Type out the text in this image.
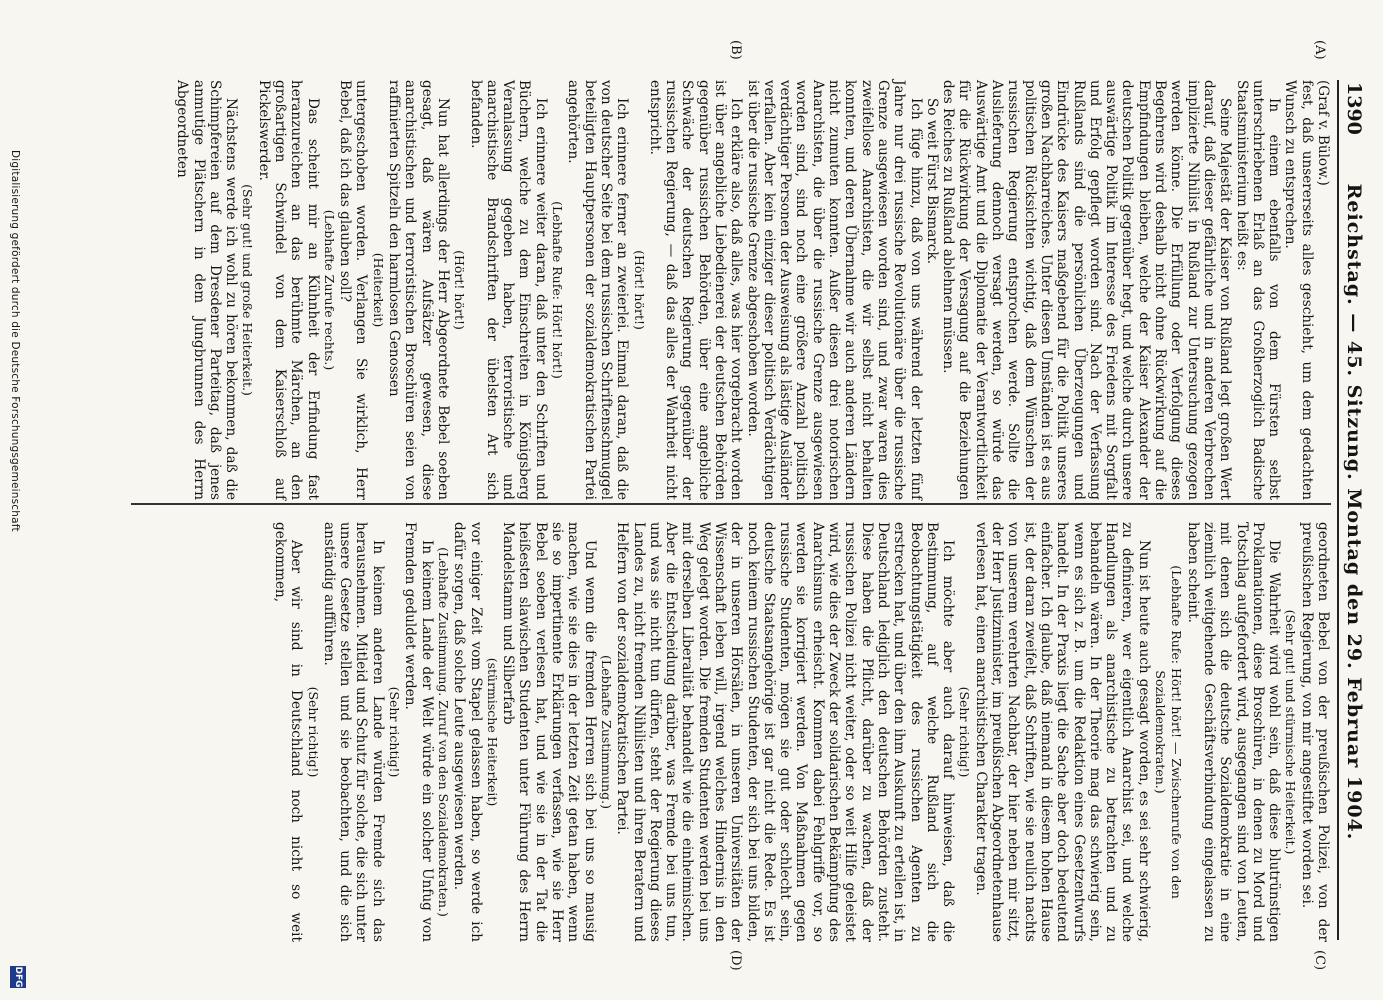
1390
Reichstag. — 45. Sitzung. Montag den 29. Februar 1904.
(A)
(B)
(C)
(D)

(Graf v. Bülow.)

fest, daß unsererseits alles geschieht, um dem gedachten Wunsch zu entsprechen.

In einem ebenfalls von dem Fürsten selbst unterschriebenen Erlaß an das Großherzoglich Badische Staatsministerium heißt es:

Seine Majestät der Kaiser von Rußland legt großen Wert darauf, daß dieser gefährliche und in anderen Verbrechen implizierte Nihilist in Rußland zur Untersuchung gezogen werden könne. Die Erfüllung oder Verfolgung dieses Begehrens wird deshalb nicht ohne Rückwirkung auf die Empfindungen bleiben, welche der Kaiser Alexander der deutschen Politik gegenüber hegt, und welche durch unsere auswärtige Politik im Interesse des Friedens mit Sorgfalt und Erfolg gepflegt worden sind. Nach der Verfassung Rußlands sind die persönlichen Überzeugungen und Eindrücke des Kaisers maßgebend für die Politik unseres großen Nachbarreiches. Unter diesen Umständen ist es aus politischen Rücksichten wichtig, daß dem Wünschen der russischen Regierung entsprochen werde. Sollte die Auslieferung dennoch versagt werden, so würde das Auswärtige Amt und die Diplomatie der Verantwortlichkeit für die Rückwirkung der Versagung auf die Beziehungen des Reiches zu Rußland ablehnen müssen.

So weit Fürst Bismarck.

Ich füge hinzu, daß von uns während der letzten fünf Jahre nur drei russische Revolutionäre über die russische Grenze ausgewiesen worden sind, und zwar waren dies zweifellose Anarchisten, die wir selbst nicht behalten konnten, und deren Übernahme wir auch anderen Ländern nicht zumuten konnten. Außer diesen drei notorischen Anarchisten, die über die russische Grenze ausgewiesen worden sind, sind noch eine größere Anzahl politisch verdächtiger Personen der Ausweisung als lästige Ausländer verfallen. Aber kein einziger dieser politisch Verdächtigen ist über die russische Grenze abgeschoben worden.

Ich erkläre also, daß alles, was hier vorgebracht worden ist über angebliche Liebedienerei der deutschen Behörden gegenüber russischen Behörden, über eine angebliche Schwäche der deutschen Regierung gegenüber der russischen Regierung, — daß das alles der Wahrheit nicht entspricht.

(Hört! hört!)

Ich erinnere ferner an zweierlei. Einmal daran, daß die von deutscher Seite bei dem russischen Schriftenschmuggel beteiligten Hauptpersonen der sozialdemokratischen Partei angehörten.

(Lebhafte Rufe: Hört! hört!)

Ich erinnere weiter daran, daß unter den Schriften und Büchern, welche zu dem Einschreiten in Königsberg Veranlassung gegeben haben, terroristische und anarchistische Brandschriften der übelsten Art sich befanden.

(Hört! hört!)

Nun hat allerdings der Herr Abgeordnete Bebel soeben gesagt, daß wären Aufsätzer gewesen, diese anarchistischen und terroristischen Broschüren seien von raffinierten Spitzeln den harmlosen Genossen

(Heiterkeit)

untergeschoben worden. Verlangen Sie wirklich, Herr Bebel, daß ich das glauben soll?

(Lebhafte Zurufe rechts.)

Das scheint mir an Kühnheit der Erfindung fast heranzureichen an das berühmte Märchen, an den großartigen Schwindel von dem Kaiserschloß auf Pickelswerder.

(Sehr gut! und große Heiterkeit.)

Nächstens werde ich wohl zu hören bekommen, daß die Schimpfereien auf dem Dresdener Parteitag, daß jenes anmutige Plätschern in dem Jungbrunnen des Herrn Abgeordneten

geordneten Bebel von der preußischen Polizei, von der preußischen Regierung, von mir angestiftet worden sei.

(Sehr gut! und stürmische Heiterkeit.)

Die Wahrheit wird wohl sein, daß diese blutrünstigen Proklamationen, diese Broschüren, in denen zu Mord und Totschlag aufgefordert wird, ausgegangen sind von Leuten, mit denen sich die deutsche Sozialdemokratie in eine ziemlich weitgehende Geschäftsverbindung eingelassen zu haben scheint.

(Lebhafte Rufe: Hört! hört! — Zwischenrufe von den Sozialdemokraten.)

Nun ist heute auch gesagt worden, es sei sehr schwierig, zu definieren, wer eigentlich Anarchist sei, und welche Handlungen als anarchistische zu betrachten und zu behandeln wären. In der Theorie mag das schwierig sein, wenn es sich z. B. um die Redaktion eines Gesetzentwurfs handelt. In der Praxis liegt die Sache aber doch bedeutend einfacher. Ich glaube, daß niemand in diesem hohen Hause ist, der daran zweifelt, daß Schriften, wie sie neulich nachts von unserem verehrten Nachbar, der hier neben mir sitzt, der Herr Justizminister, im preußischen Abgeordnetenhause verlesen hat, einen anarchistischen Charakter tragen.

(Sehr richtig!)

Ich möchte aber auch darauf hinweisen, daß die Bestimmung, auf welche Rußland sich die Beobachtungstätigkeit des russischen Agenten zu erstrecken hat, und über den ihm Auskunft zu erteilen ist, in Deutschland lediglich den deutschen Behörden zusteht. Diese haben die Pflicht, darüber zu wachen, daß der russischen Polizei nicht weiter, oder so weit Hilfe geleistet wird, wie dies der Zweck der solidarischen Bekämpfung des Anarchismus erheischt. Kommen dabei Fehlgriffe vor, so werden sie korrigiert werden. Von Maßnahmen gegen russische Studenten, mögen sie gut oder schlecht sein, deutsche Staatsangehörige ist gar nicht die Rede. Es ist noch keinem russischen Studenten, der sich bei uns bilden, der in unseren Hörsälen, in unseren Universitäten der Wissenschaft leben will, irgend welches Hindernis in den Weg gelegt worden. Die fremden Studenten werden bei uns mit derselben Liberalität behandelt wie die einheimischen. Aber die Entscheidung darüber, was Fremde bei uns tun, und was sie nicht tun dürfen, steht der Regierung dieses Landes zu, nicht fremden Nihilisten und ihren Beratern und Helfern von der sozialdemokratischen Partei.

(Lebhafte Zustimmung.)

Und wenn die fremden Herren sich bei uns so mausig machen, wie sie dies in der letzten Zeit getan haben, wenn sie so impertinente Erklärungen verfassen, wie sie Herr Bebel soeben verlesen hat, und wie sie in der Tat die heißesten slawischen Studenten unter Führung des Herrn Mandelstamm und Silberfarb

(stürmische Heiterkeit)

vor einiger Zeit vom Stapel gelassen haben, so werde ich dafür sorgen, daß solche Leute ausgewiesen werden.

(Lebhafte Zustimmung. Zuruf von den Sozialdemokraten.)

In keinem Lande der Welt würde ein solcher Unfug von Fremden geduldet werden.

(Sehr richtig!)

In keinem anderen Lande würden Fremde sich das herausnehmen. Mitleid und Schutz für solche, die sich unter unsere Gesetze stellen und sie beobachten, und die sich anständig aufführen.

(Sehr richtig!)

Aber wir sind in Deutschland noch nicht so weit gekommen,

Digitalisierung gefördert durch die Deutsche Forschungsgemeinschaft
DFG
